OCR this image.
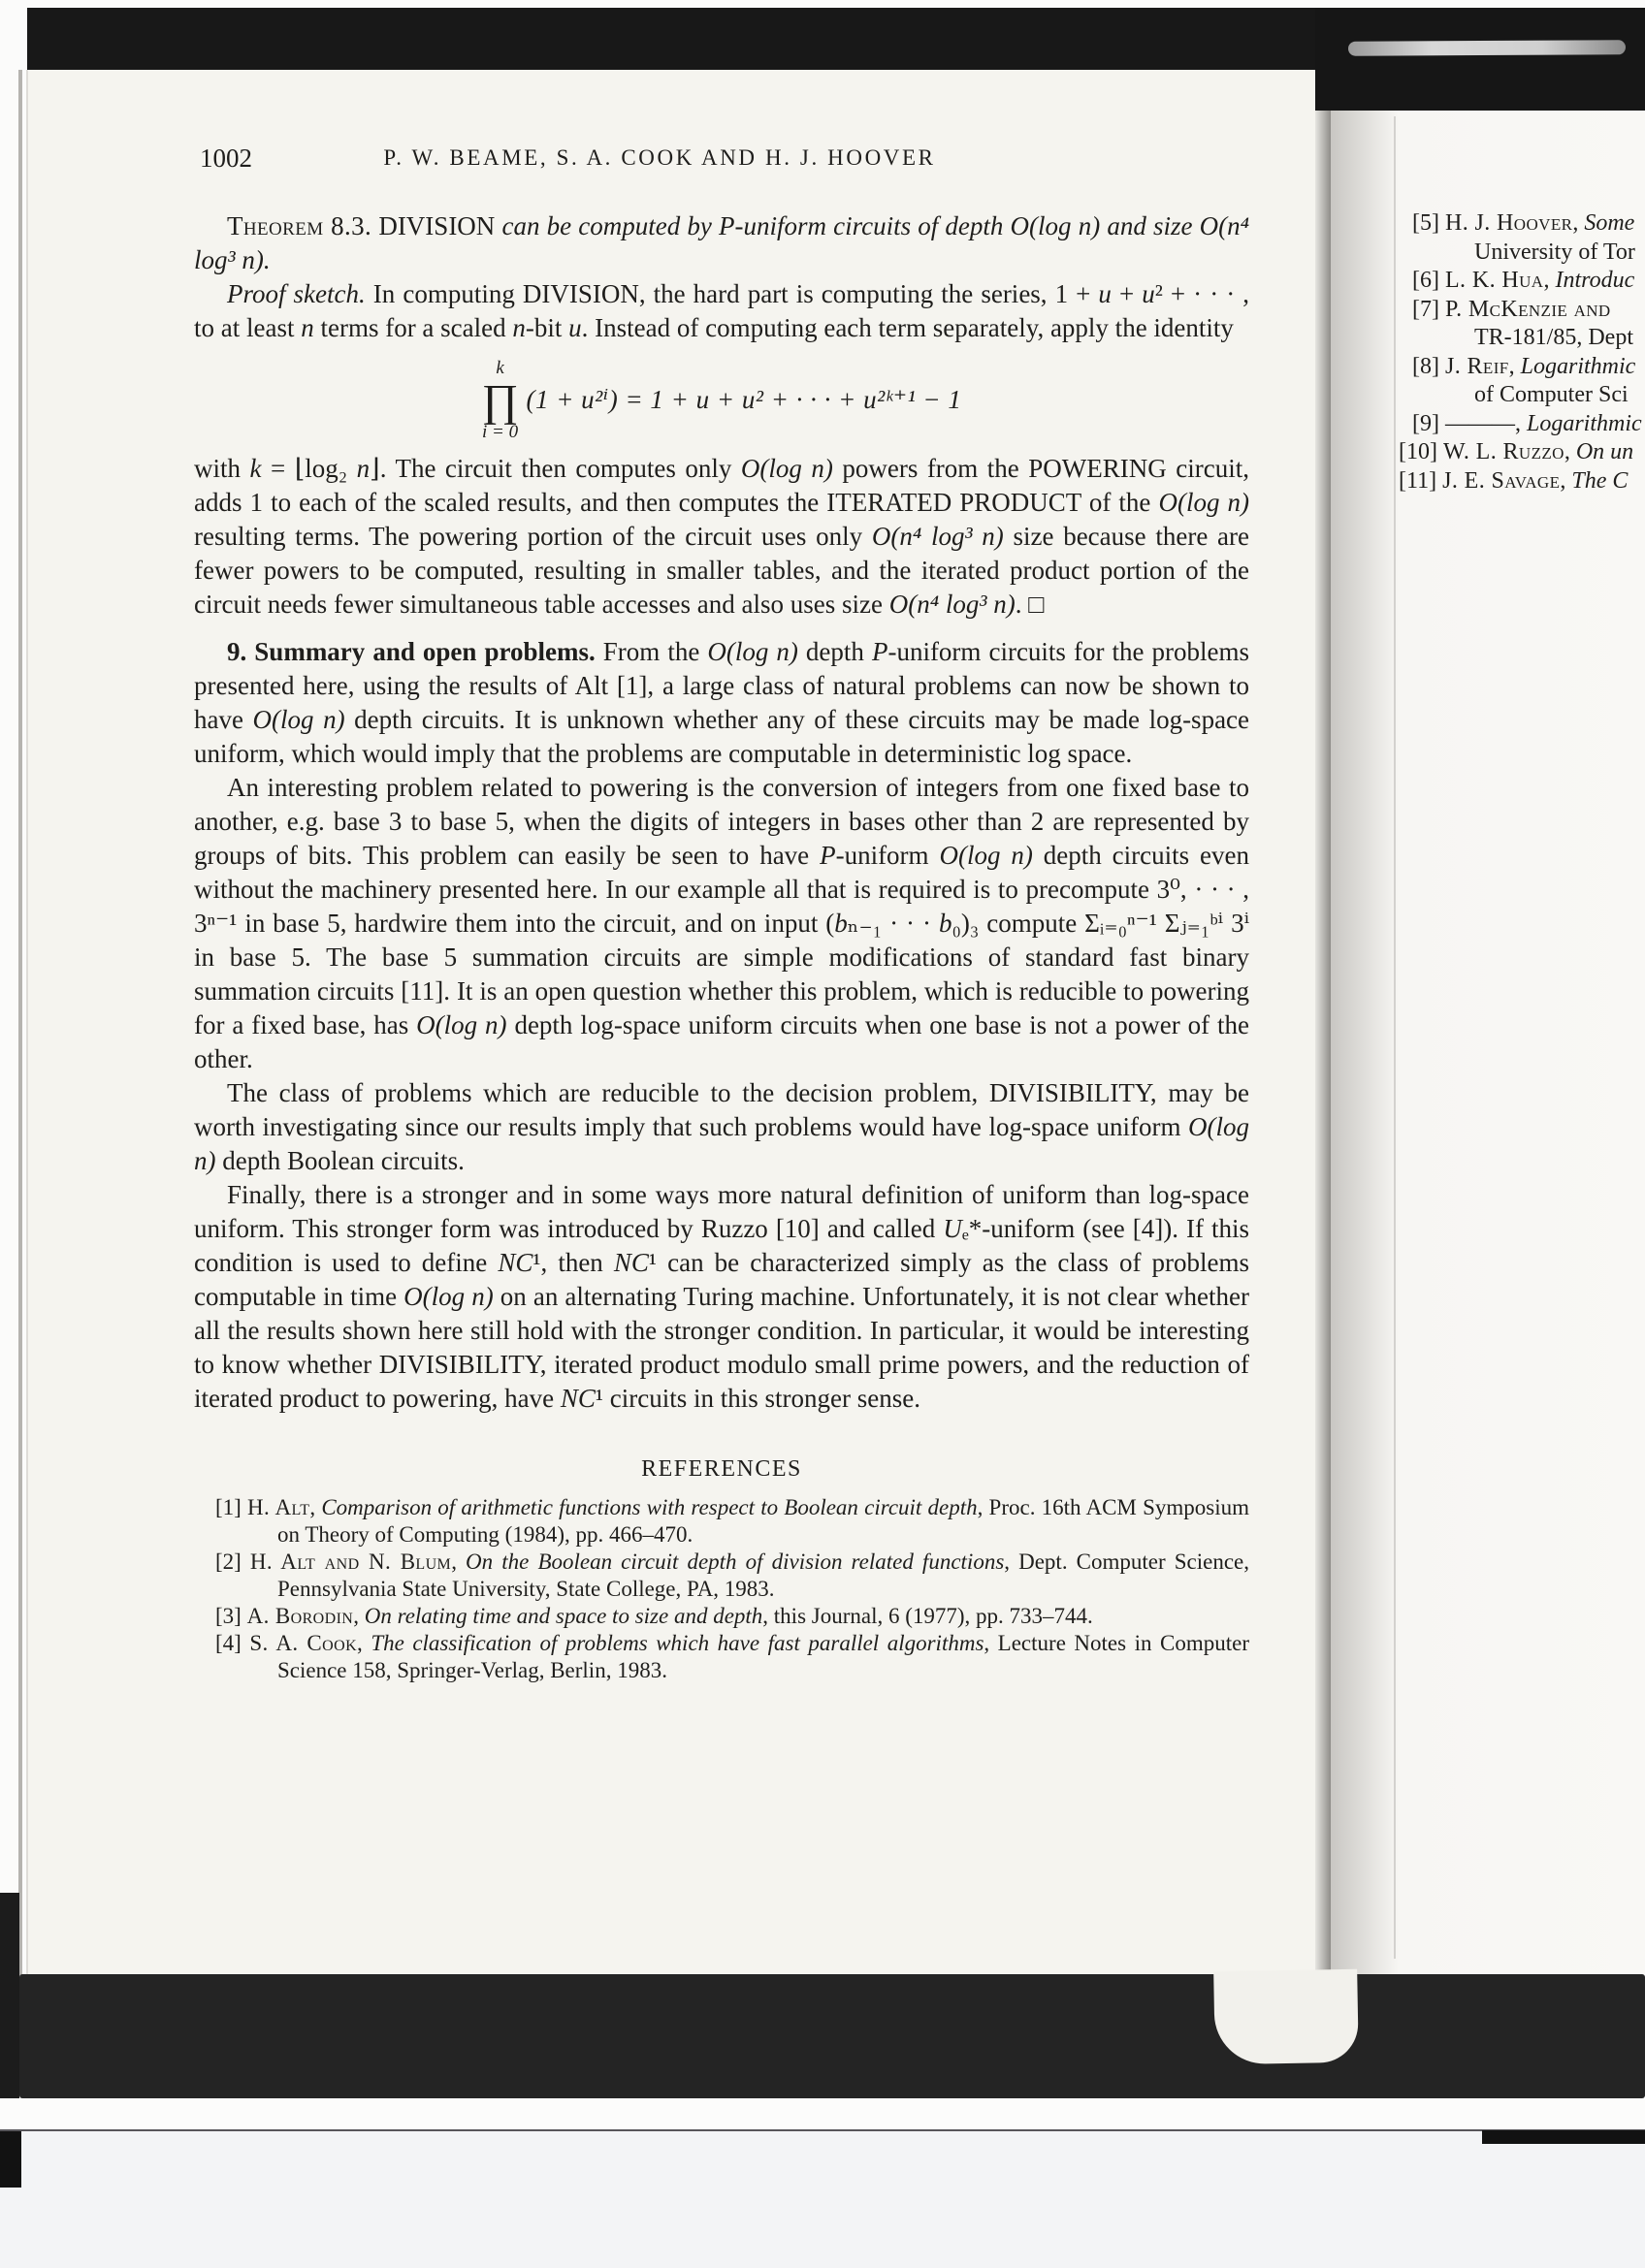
1002	P. W. BEAME, S. A. COOK AND H. J. HOOVER

Theorem 8.3. DIVISION can be computed by P-uniform circuits of depth O(log n) and size O(n⁴ log³ n).

Proof sketch. In computing DIVISION, the hard part is computing the series, 1 + u + u² + · · · , to at least n terms for a scaled n-bit u. Instead of computing each term separately, apply the identity

k
∏
i = 0
(1 + u²ⁱ) = 1 + u + u² + · · · + u²ᵏ⁺¹ − 1

with k = ⌊log₂ n⌋. The circuit then computes only O(log n) powers from the POWERING circuit, adds 1 to each of the scaled results, and then computes the ITERATED PRODUCT of the O(log n) resulting terms. The powering portion of the circuit uses only O(n⁴ log³ n) size because there are fewer powers to be computed, resulting in smaller tables, and the iterated product portion of the circuit needs fewer simultaneous table accesses and also uses size O(n⁴ log³ n). □

9. Summary and open problems. From the O(log n) depth P-uniform circuits for the problems presented here, using the results of Alt [1], a large class of natural problems can now be shown to have O(log n) depth circuits. It is unknown whether any of these circuits may be made log-space uniform, which would imply that the problems are computable in deterministic log space.

An interesting problem related to powering is the conversion of integers from one fixed base to another, e.g. base 3 to base 5, when the digits of integers in bases other than 2 are represented by groups of bits. This problem can easily be seen to have P-uniform O(log n) depth circuits even without the machinery presented here. In our example all that is required is to precompute 3⁰, · · · , 3ⁿ⁻¹ in base 5, hardwire them into the circuit, and on input (bₙ₋₁ · · · b₀)₃ compute Σᵢ₌₀ⁿ⁻¹ Σⱼ₌₁ᵇⁱ 3ⁱ in base 5. The base 5 summation circuits are simple modifications of standard fast binary summation circuits [11]. It is an open question whether this problem, which is reducible to powering for a fixed base, has O(log n) depth log-space uniform circuits when one base is not a power of the other.

The class of problems which are reducible to the decision problem, DIVISIBILITY, may be worth investigating since our results imply that such problems would have log-space uniform O(log n) depth Boolean circuits.

Finally, there is a stronger and in some ways more natural definition of uniform than log-space uniform. This stronger form was introduced by Ruzzo [10] and called Uₑ*-uniform (see [4]). If this condition is used to define NC¹, then NC¹ can be characterized simply as the class of problems computable in time O(log n) on an alternating Turing machine. Unfortunately, it is not clear whether all the results shown here still hold with the stronger condition. In particular, it would be interesting to know whether DIVISIBILITY, iterated product modulo small prime powers, and the reduction of iterated product to powering, have NC¹ circuits in this stronger sense.

REFERENCES

[1] H. Alt, Comparison of arithmetic functions with respect to Boolean circuit depth, Proc. 16th ACM Symposium on Theory of Computing (1984), pp. 466–470.

[2] H. Alt and N. Blum, On the Boolean circuit depth of division related functions, Dept. Computer Science, Pennsylvania State University, State College, PA, 1983.

[3] A. Borodin, On relating time and space to size and depth, this Journal, 6 (1977), pp. 733–744.

[4] S. A. Cook, The classification of problems which have fast parallel algorithms, Lecture Notes in Computer Science 158, Springer-Verlag, Berlin, 1983.

[5] H. J. Hoover, Some
University of Tor
[6] L. K. Hua, Introduc
[7] P. McKenzie and
TR-181/85, Dept
[8] J. Reif, Logarithmic
of Computer Sci
[9] ———, Logarithmic
[10] W. L. Ruzzo, On un
[11] J. E. Savage, The C
